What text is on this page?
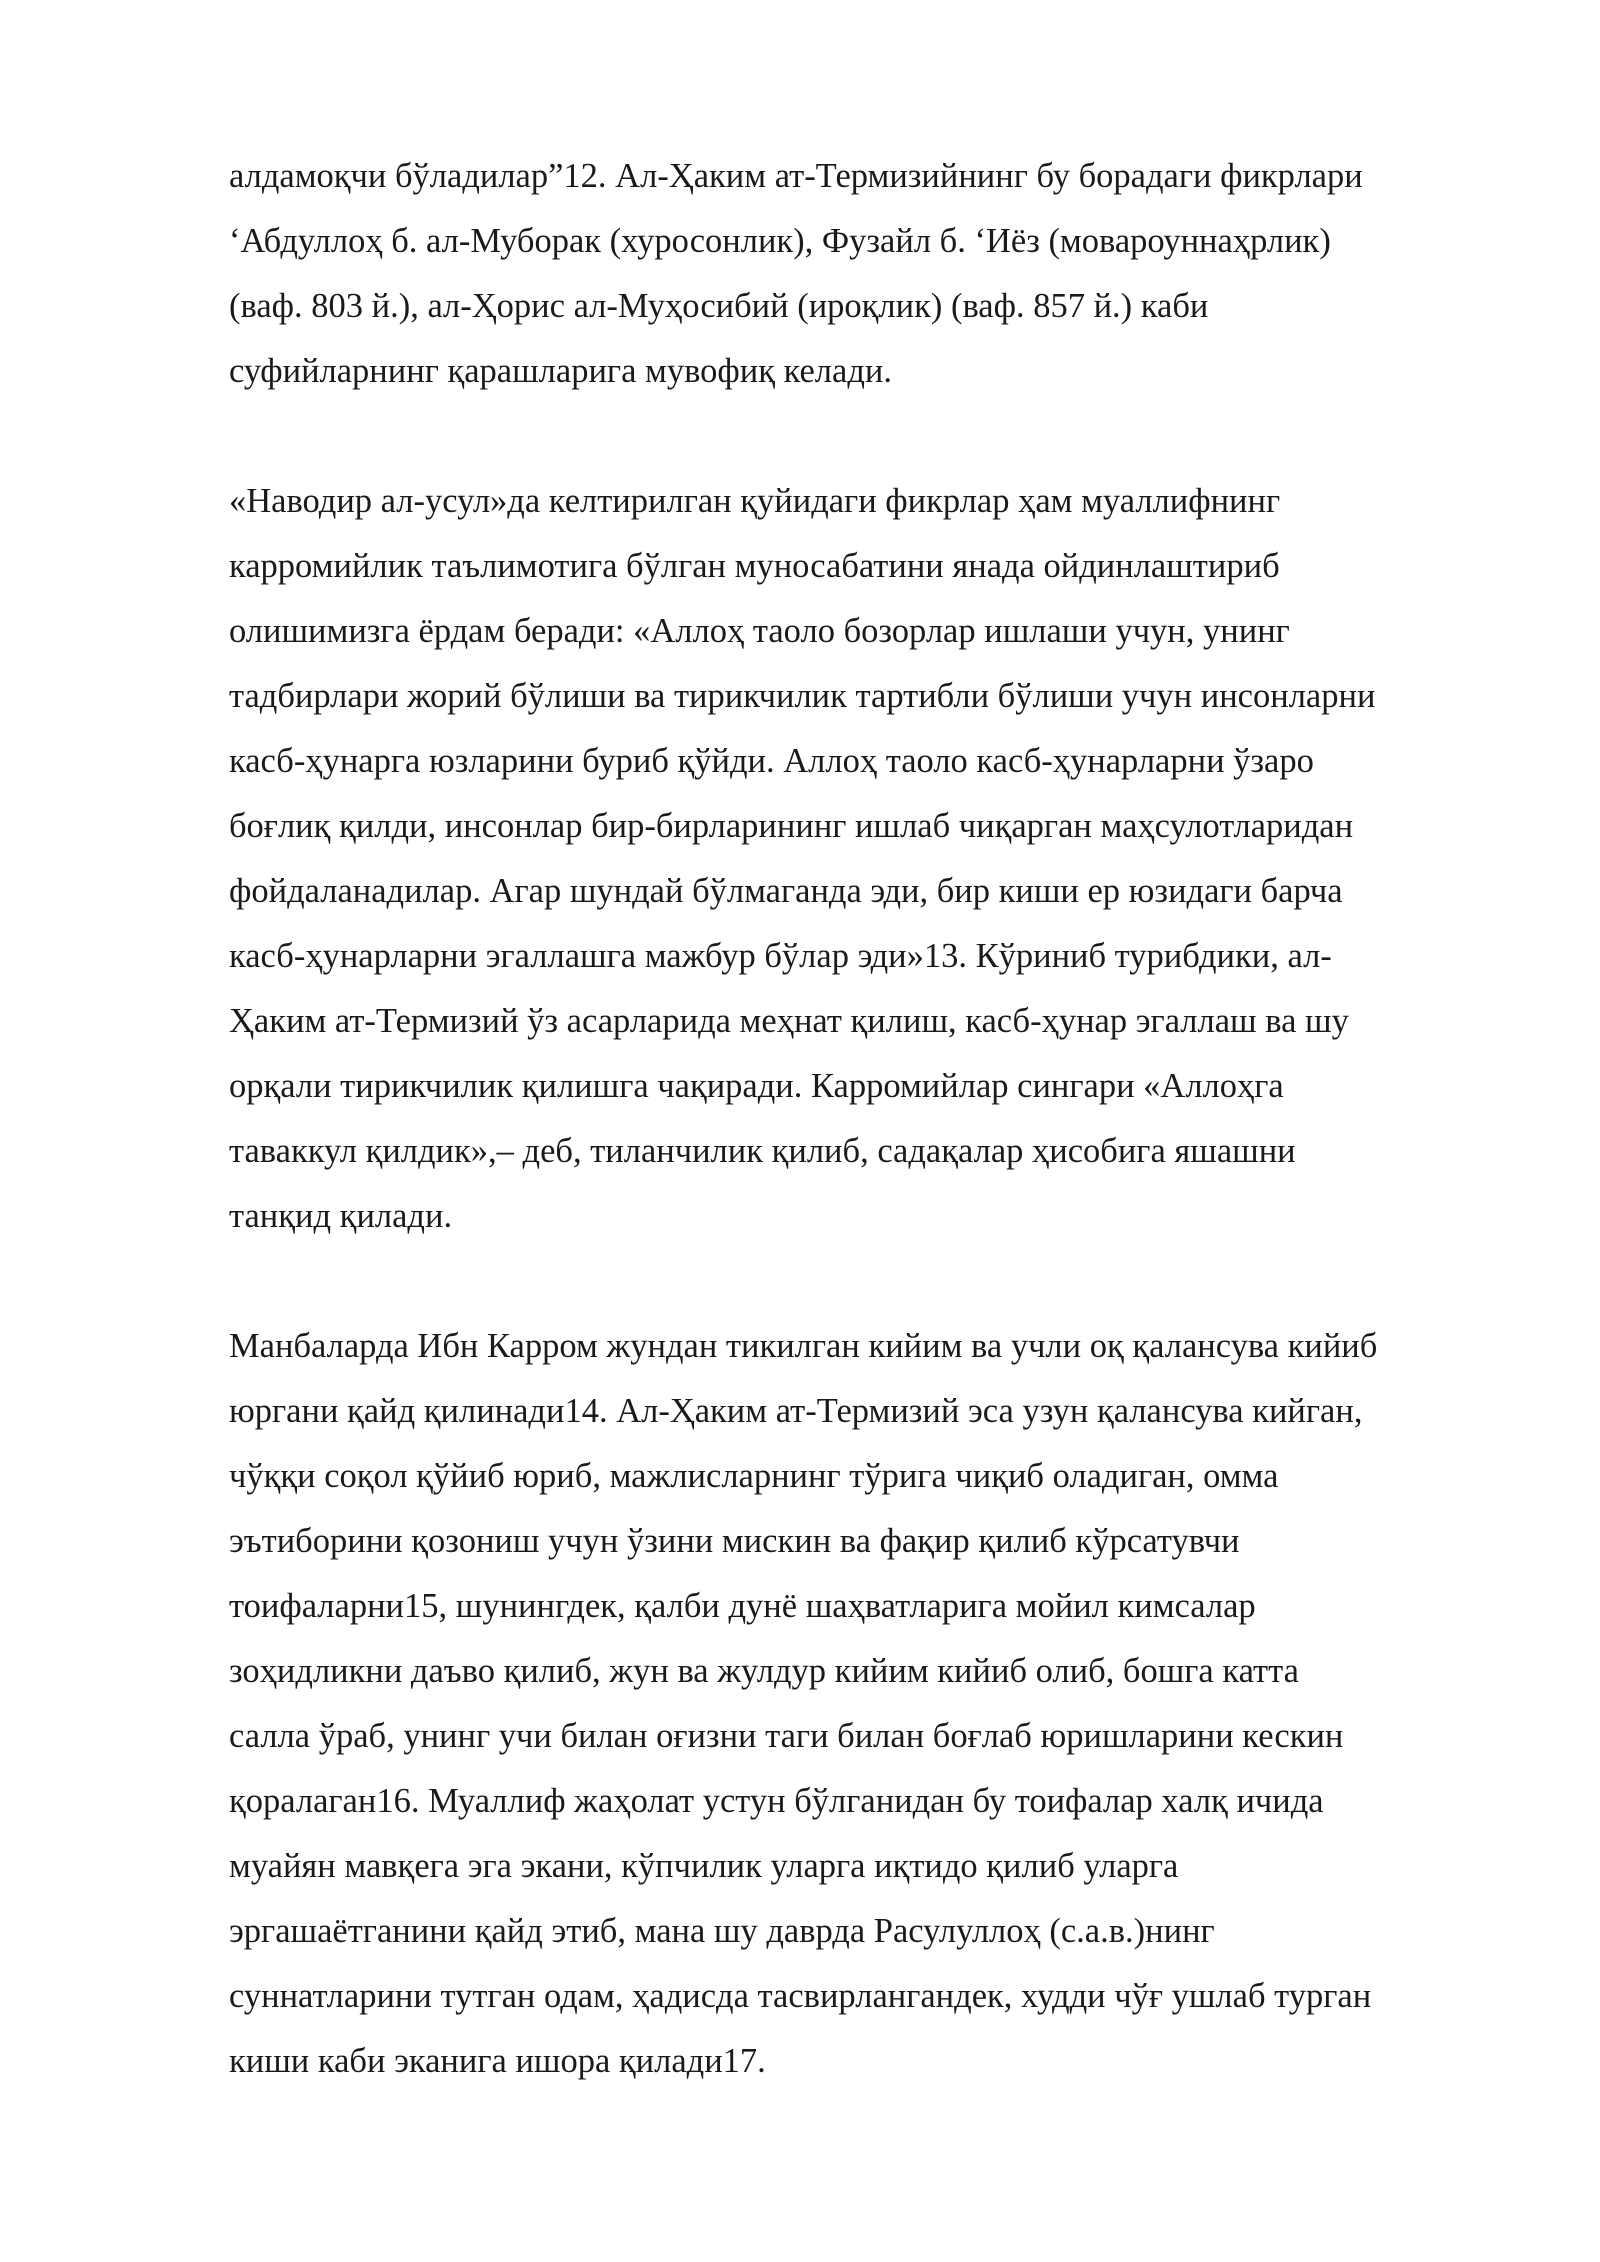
алдамоқчи бўладилар”12. Ал-Ҳаким ат-Термизийнинг бу борадаги фикрлари
‘Абдуллоҳ б. ал-Муборак (хуросонлик), Фузайл б. ‘Иёз (мовароуннаҳрлик)
(ваф. 803 й.), ал-Ҳорис ал-Муҳосибий (ироқлик) (ваф. 857 й.) каби
суфийларнинг қарашларига мувофиқ келади.
«Наводир ал-усул»да келтирилган қуйидаги фикрлар ҳам муаллифнинг
карромийлик таълимотига бўлган муносабатини янада ойдинлаштириб
олишимизга ёрдам беради: «Аллоҳ таоло бозорлар ишлаши учун, унинг
тадбирлари жорий бўлиши ва тирикчилик тартибли бўлиши учун инсонларни
касб-ҳунарга юзларини буриб қўйди. Аллоҳ таоло касб-ҳунарларни ўзаро
боғлиқ қилди, инсонлар бир-бирларининг ишлаб чиқарган маҳсулотларидан
фойдаланадилар. Агар шундай бўлмаганда эди, бир киши ер юзидаги барча
касб-ҳунарларни эгаллашга мажбур бўлар эди»13. Кўриниб турибдики, ал-
Ҳаким ат-Термизий ўз асарларида меҳнат қилиш, касб-ҳунар эгаллаш ва шу
орқали тирикчилик қилишга чақиради. Карромийлар сингари «Аллоҳга
таваккул қилдик»,– деб, тиланчилик қилиб, садақалар ҳисобига яшашни
танқид қилади.
Манбаларда Ибн Карром жундан тикилган кийим ва учли оқ қалансува кийиб
юргани қайд қилинади14. Ал-Ҳаким ат-Термизий эса узун қалансува кийган,
чўққи соқол қўйиб юриб, мажлисларнинг тўрига чиқиб оладиган, омма
эътиборини қозониш учун ўзини мискин ва фақир қилиб кўрсатувчи
тоифаларни15, шунингдек, қалби дунё шаҳватларига мойил кимсалар
зоҳидликни даъво қилиб, жун ва жулдур кийим кийиб олиб, бошга катта
салла ўраб, унинг учи билан оғизни таги билан боғлаб юришларини кескин
қоралаган16. Муаллиф жаҳолат устун бўлганидан бу тоифалар халқ ичида
муайян мавқега эга экани, кўпчилик уларга иқтидо қилиб уларга
эргашаётганини қайд этиб, мана шу даврда Расулуллоҳ (с.а.в.)нинг
суннатларини тутган одам, ҳадисда тасвирлангандек, худди чўғ ушлаб турган
киши каби эканига ишора қилади17.
